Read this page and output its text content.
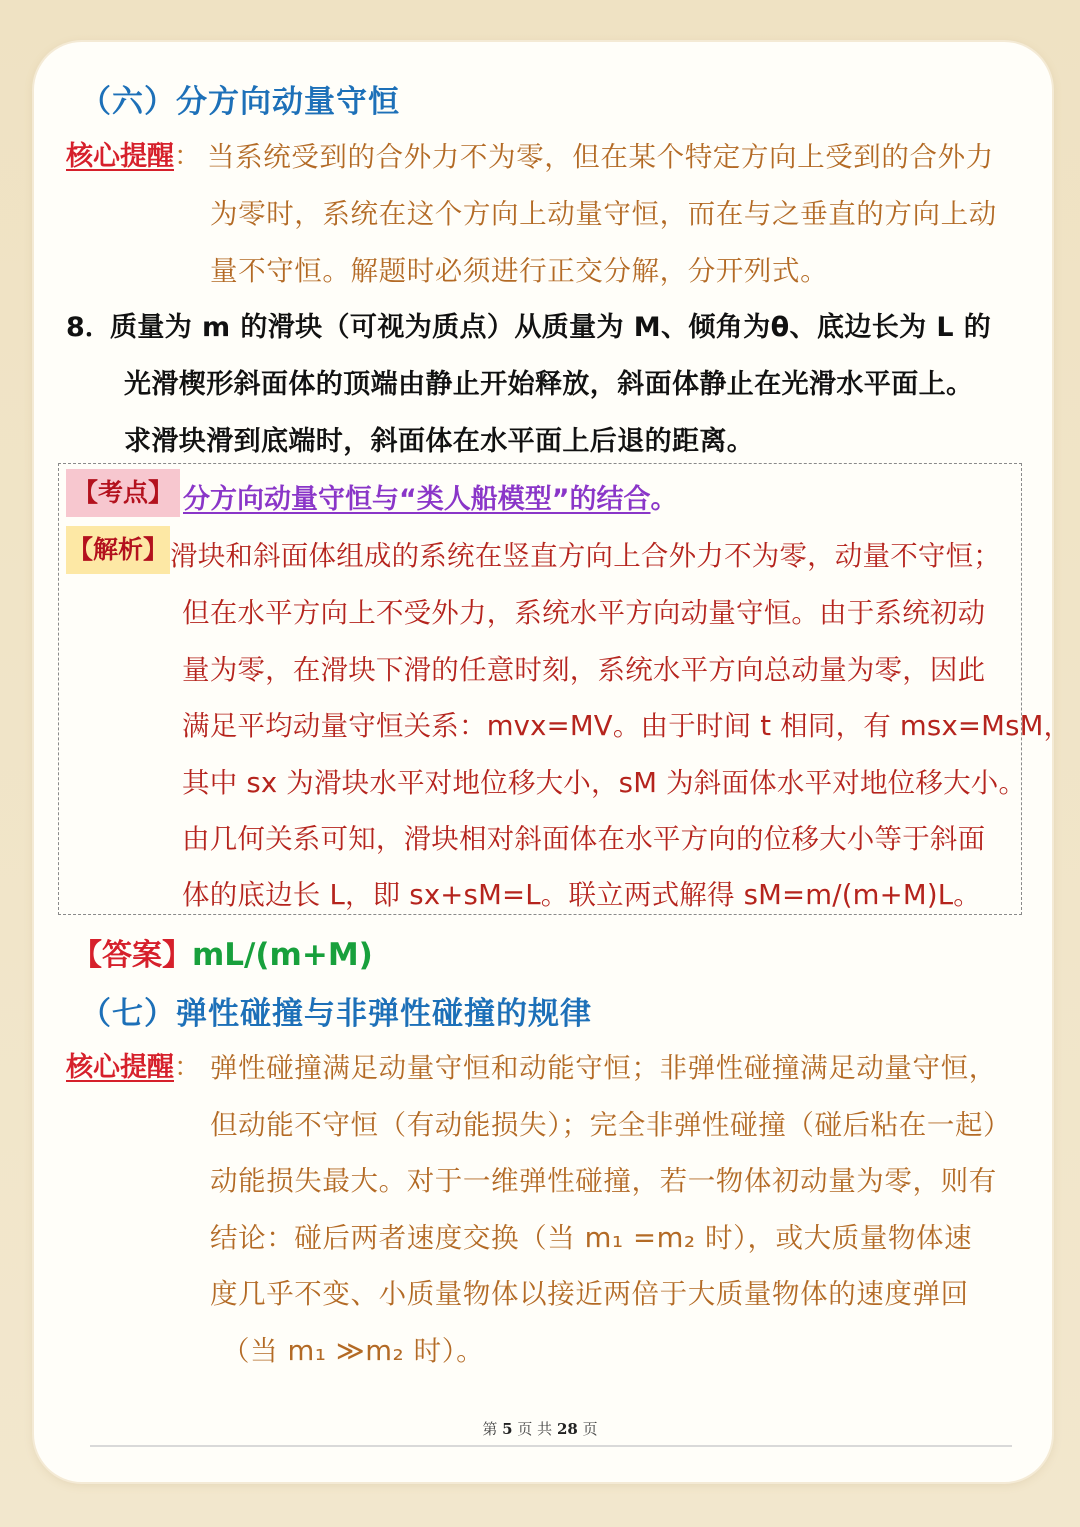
（六）分方向动量守恒
核心提醒： 当系统受到的合外力不为零，但在某个特定方向上受到的合外力
为零时，系统在这个方向上动量守恒，而在与之垂直的方向上动
量不守恒。解题时必须进行正交分解，分开列式。
8．
质量为 m 的滑块（可视为质点）从质量为 M、倾角为θ、底边长为 L 的
光滑楔形斜面体的顶端由静止开始释放，斜面体静止在光滑水平面上。
求滑块滑到底端时，斜面体在水平面上后退的距离。
【考点】 分方向动量守恒与“类人船模型”的结合。
【解析】 滑块和斜面体组成的系统在竖直方向上合外力不为零，动量不守恒；
但在水平方向上不受外力，系统水平方向动量守恒。由于系统初动
量为零，在滑块下滑的任意时刻，系统水平方向总动量为零，因此
满足平均动量守恒关系：mvx=MV。由于时间 t 相同，有 msx=MsM，
其中 sx 为滑块水平对地位移大小，sM 为斜面体水平对地位移大小。
由几何关系可知，滑块相对斜面体在水平方向的位移大小等于斜面
体的底边长 L，即 sx+sM=L。联立两式解得 sM=m/(m+M)L。
【答案】mL/(m+M)
（七）弹性碰撞与非弹性碰撞的规律
核心提醒： 弹性碰撞满足动量守恒和动能守恒；非弹性碰撞满足动量守恒，
但动能不守恒（有动能损失）；完全非弹性碰撞（碰后粘在一起）
动能损失最大。对于一维弹性碰撞，若一物体初动量为零，则有
结论：碰后两者速度交换（当 m₁ =m₂ 时），或大质量物体速
度几乎不变、小质量物体以接近两倍于大质量物体的速度弹回
（当 m₁ ≫m₂ 时）。
第 5 页 共 28 页
